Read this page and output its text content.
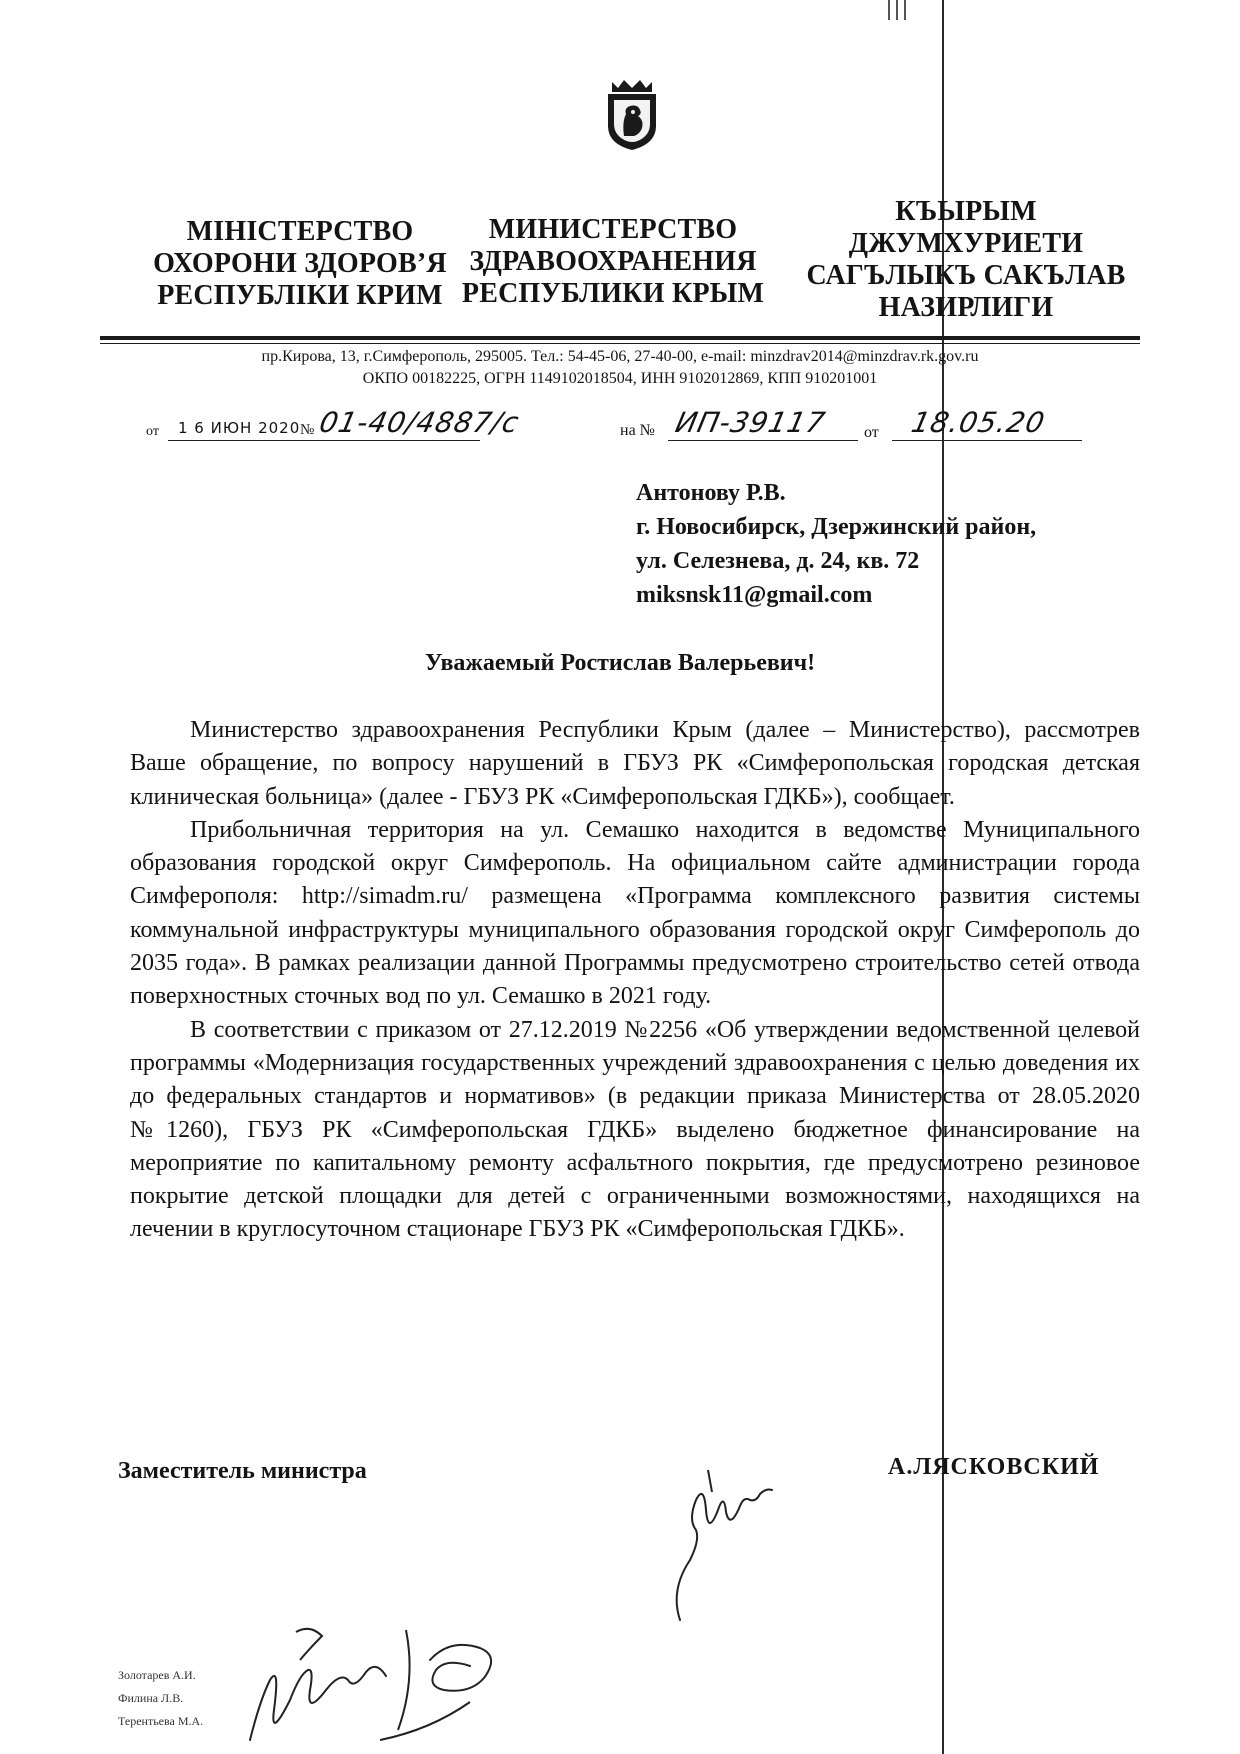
МІНІСТЕРСТВО
ОХОРОНИ ЗДОРОВ’Я
РЕСПУБЛІКИ КРИМ
МИНИСТЕРСТВО
ЗДРАВООХРАНЕНИЯ
РЕСПУБЛИКИ КРЫМ
КЪЫРЫМ
ДЖУМХУРИЕТИ
САГЪЛЫКЪ САКЪЛАВ
НАЗИРЛИГИ
пр.Кирова, 13, г.Симферополь, 295005. Тел.: 54-45-06, 27-40-00, e-mail: minzdrav2014@minzdrav.rk.gov.ru
ОКПО 00182225, ОГРН 1149102018504, ИНН 9102012869, КПП 910201001
от 1 6 ИЮН 2020 № 01-40/4887/с	на № ИП-39117 от 18.05.20
Антонову Р.В.
г. Новосибирск, Дзержинский район,
ул. Селезнева, д. 24, кв. 72
miksnsk11@gmail.com
Уважаемый Ростислав Валерьевич!

Министерство здравоохранения Республики Крым (далее – Министерство), рассмотрев Ваше обращение, по вопросу нарушений в ГБУЗ РК «Симферопольская городская детская клиническая больница» (далее - ГБУЗ РК «Симферопольская ГДКБ»), сообщает.

Прибольничная территория на ул. Семашко находится в ведомстве Муниципального образования городской округ Симферополь. На официальном сайте администрации города Симферополя: http://simadm.ru/ размещена «Программа комплексного развития системы коммунальной инфраструктуры муниципального образования городской округ Симферополь до 2035 года». В рамках реализации данной Программы предусмотрено строительство сетей отвода поверхностных сточных вод по ул. Семашко в 2021 году.

В соответствии с приказом от 27.12.2019 №2256 «Об утверждении ведомственной целевой программы «Модернизация государственных учреждений здравоохранения с целью доведения их до федеральных стандартов и нормативов» (в редакции приказа Министерства от 28.05.2020 №1260), ГБУЗ РК «Симферопольская ГДКБ» выделено бюджетное финансирование на мероприятие по капитальному ремонту асфальтного покрытия, где предусмотрено резиновое покрытие детской площадки для детей с ограниченными возможностями, находящихся на лечении в круглосуточном стационаре ГБУЗ РК «Симферопольская ГДКБ».

Заместитель министра	А.ЛЯСКОВСКИЙ
Золотарев А.И.
Филина Л.В.
Терентьева М.А.
